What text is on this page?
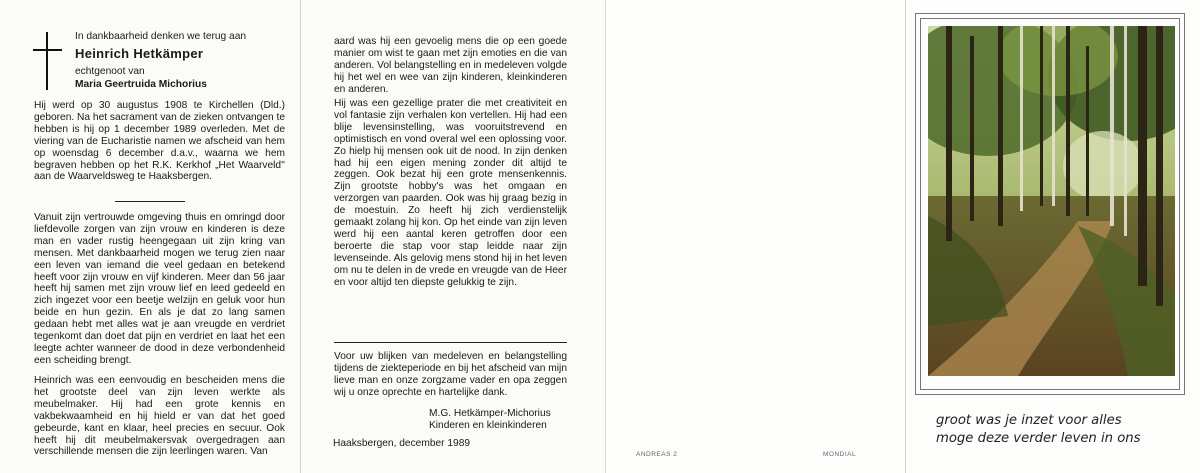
In dankbaarheid denken we terug aan
Heinrich Hetkämper
echtgenoot van
Maria Geertruida Michorius

Hij werd op 30 augustus 1908 te Kirchellen (Dld.) geboren. Na het sacrament van de zieken ontvangen te hebben is hij op 1 december 1989 overleden. Met de viering van de Eucharistie namen we afscheid van hem op woensdag 6 december d.a.v., waarna we hem begraven hebben op het R.K. Kerkhof „Het Waarveld'' aan de Waarveldsweg te Haaksbergen.

Vanuit zijn vertrouwde omgeving thuis en omringd door liefdevolle zorgen van zijn vrouw en kinderen is deze man en vader rustig heengegaan uit zijn kring van mensen. Met dankbaarheid mogen we terug zien naar een leven van iemand die veel gedaan en betekend heeft voor zijn vrouw en vijf kinderen. Meer dan 56 jaar heeft hij samen met zijn vrouw lief en leed gedeeld en zich ingezet voor een beetje welzijn en geluk voor hun beide en hun gezin. En als je dat zo lang samen gedaan hebt met alles wat je aan vreugde en verdriet tegenkomt dan doet dat pijn en verdriet en laat het een leegte achter wanneer de dood in deze verbondenheid een scheiding brengt.

Heinrich was een eenvoudig en bescheiden mens die het grootste deel van zijn leven werkte als meubelmaker. Hij had een grote kennis en vakbekwaamheid en hij hield er van dat het goed gebeurde, kant en klaar, heel precies en secuur. Ook heeft hij dit meubelmakersvak overgedragen aan verschillende mensen die zijn leerlingen waren. Van

aard was hij een gevoelig mens die op een goede manier om wist te gaan met zijn emoties en die van anderen. Vol belangstelling en in medeleven volgde hij het wel en wee van zijn kinderen, kleinkinderen en anderen.

Hij was een gezellige prater die met creativiteit en vol fantasie zijn verhalen kon vertellen. Hij had een blije levensinstelling, was vooruitstrevend en optimistisch en vond overal wel een oplossing voor. Zo hielp hij mensen ook uit de nood. In zijn denken had hij een eigen mening zonder dit altijd te zeggen. Ook bezat hij een grote mensenkennis. Zijn grootste hobby's was het omgaan en verzorgen van paarden. Ook was hij graag bezig in de moestuin. Zo heeft hij zich verdienstelijk gemaakt zolang hij kon. Op het einde van zijn leven werd hij een aantal keren getroffen door een beroerte die stap voor stap leidde naar zijn levenseinde. Als gelovig mens stond hij in het leven om nu te delen in de vrede en vreugde van de Heer en voor altijd ten diepste gelukkig te zijn.

Voor uw blijken van medeleven en belangstelling tijdens de ziekteperiode en bij het afscheid van mijn lieve man en onze zorgzame vader en opa zeggen wij u onze oprechte en hartelijke dank.

M.G. Hetkämper-Michorius
Kinderen en kleinkinderen
Haaksbergen, december 1989
ANDREAS 2	MONDIAL
groot was je inzet voor alles
moge deze verder leven in ons
